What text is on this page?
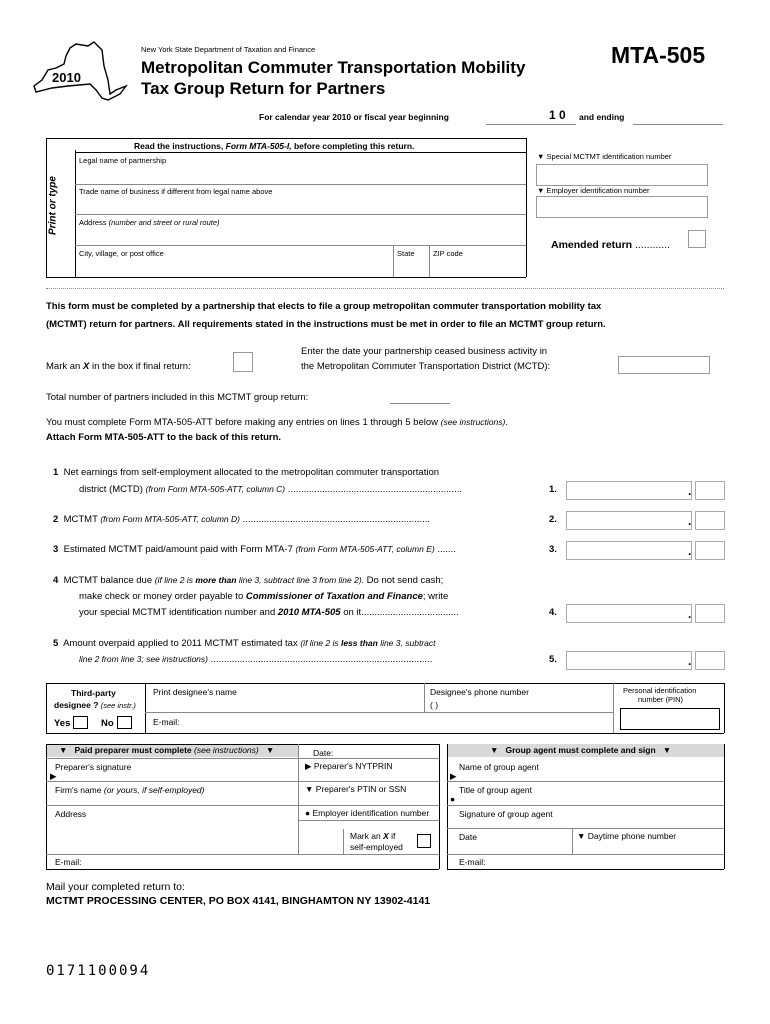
2010
New York State Department of Taxation and Finance
Metropolitan Commuter Transportation Mobility
Tax Group Return for Partners
MTA-505
For calendar year 2010 or fiscal year beginning	1 0 and ending
Print or type
Read the instructions, Form MTA-505-I, before completing this return.
Legal name of partnership
Trade name of business if different from legal name above
Address (number and street or rural route)
City, village, or post office	State ZIP code
▼ Special MCTMT identification number
▼ Employer identification number
Amended return ............
This form must be completed by a partnership that elects to file a group metropolitan commuter transportation mobility tax
(MCTMT) return for partners. All requirements stated in the instructions must be met in order to file an MCTMT group return.
Mark an X in the box if final return:
Enter the date your partnership ceased business activity in
the Metropolitan Commuter Transportation District (MCTD):
Total number of partners included in this MCTMT group return:
You must complete Form MTA-505-ATT before making any entries on lines 1 through 5 below (see instructions).
Attach Form MTA-505-ATT to the back of this return.
1 Net earnings from self-employment allocated to the metropolitan commuter transportation
district (MCTD) (from Form MTA-505-ATT, column C) ..................................................................	1.	.
2 MCTMT (from Form MTA-505-ATT, column D) .......................................................................	2.	.
3 Estimated MCTMT paid/amount paid with Form MTA-7 (from Form MTA-505-ATT, column E) .......	3.	.
4 MCTMT balance due (if line 2 is more than line 3, subtract line 3 from line 2). Do not send cash;
make check or money order payable to Commissioner of Taxation and Finance; write
your special MCTMT identification number and 2010 MTA-505 on it.....................................	4.	.
5 Amount overpaid applied to 2011 MCTMT estimated tax (if line 2 is less than line 3, subtract
line 2 from line 3; see instructions) ....................................................................................	5.	.
Third-party
designee ? (see instr.)
Yes	No
Print designee's name	Designee's phone number
( )
Personal identification
number (PIN)
E-mail:
▼   Paid preparer must complete (see instructions)   ▼	Date:
Preparer's signature
▶
▶ Preparer's NYTPRIN
Firm's name (or yours, if self-employed)	▼ Preparer's PTIN or SSN
Address	● Employer identification number
Mark an X if
self-employed
E-mail:
▼   Group agent must complete and sign   ▼
Name of group agent
▶
Title of group agent
●
Signature of group agent
Date	▼ Daytime phone number
E-mail:
Mail your completed return to:
MCTMT PROCESSING CENTER, PO BOX 4141, BINGHAMTON NY 13902-4141
0171100094
